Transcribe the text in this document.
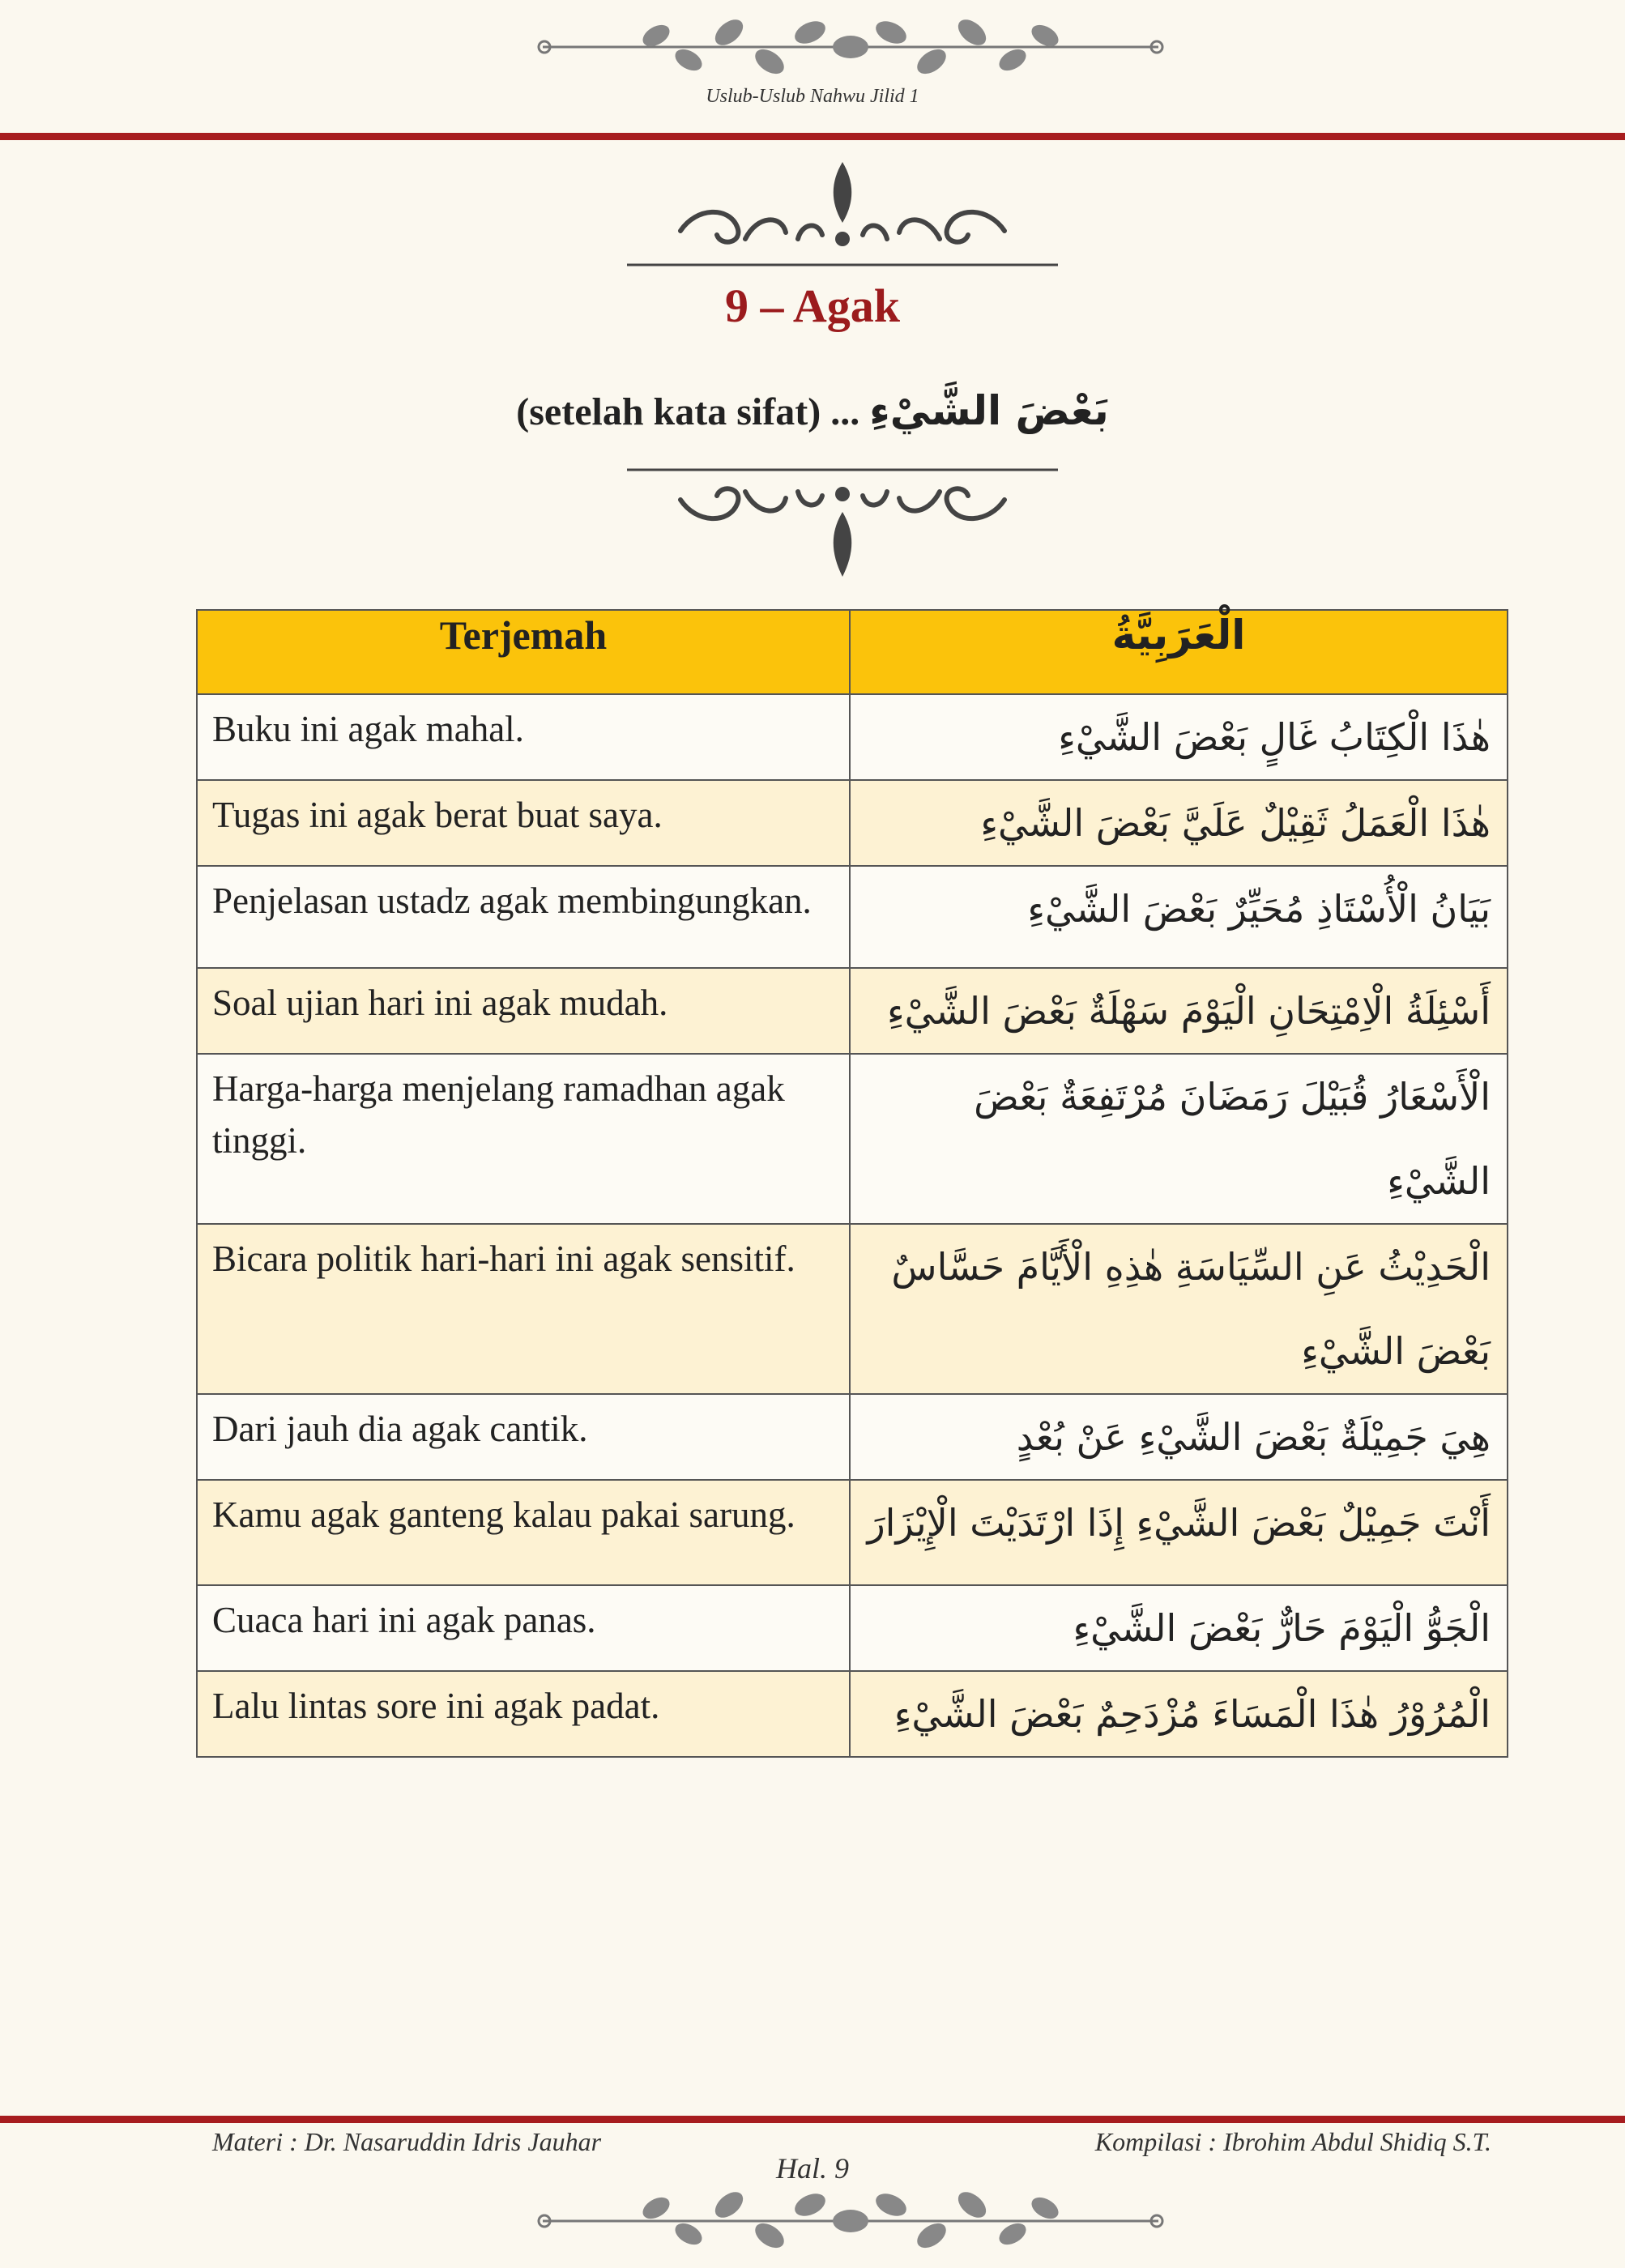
Uslub-Uslub Nahwu Jilid 1
9 – Agak
(setelah kata sifat) ... بَعْضَ الشَّيْءِ
Terjemah	الْعَرَبِيَّةُ
Buku ini agak mahal.	هٰذَا الْكِتَابُ غَالٍ بَعْضَ الشَّيْءِ
Tugas ini agak berat buat saya.	هٰذَا الْعَمَلُ ثَقِيْلٌ عَلَيَّ بَعْضَ الشَّيْءِ
Penjelasan ustadz agak membingungkan.	بَيَانُ الْأُسْتَاذِ مُحَيِّرٌ بَعْضَ الشَّيْءِ
Soal ujian hari ini agak mudah.	أَسْئِلَةُ الْاِمْتِحَانِ الْيَوْمَ سَهْلَةٌ بَعْضَ الشَّيْءِ
Harga-harga menjelang ramadhan agak tinggi.	الْأَسْعَارُ قُبَيْلَ رَمَضَانَ مُرْتَفِعَةٌ بَعْضَ الشَّيْءِ
Bicara politik hari-hari ini agak sensitif.	الْحَدِيْثُ عَنِ السِّيَاسَةِ هٰذِهِ الْأَيَّامَ حَسَّاسٌ بَعْضَ الشَّيْءِ
Dari jauh dia agak cantik.	هِيَ جَمِيْلَةٌ بَعْضَ الشَّيْءِ عَنْ بُعْدٍ
Kamu agak ganteng kalau pakai sarung.	أَنْتَ جَمِيْلٌ بَعْضَ الشَّيْءِ إِذَا ارْتَدَيْتَ الْإِيْزَارَ
Cuaca hari ini agak panas.	الْجَوُّ الْيَوْمَ حَارٌّ بَعْضَ الشَّيْءِ
Lalu lintas sore ini agak padat.	الْمُرُوْرُ هٰذَا الْمَسَاءَ مُزْدَحِمٌ بَعْضَ الشَّيْءِ
Materi : Dr. Nasaruddin Idris Jauhar	Kompilasi : Ibrohim Abdul Shidiq S.T.
Hal. 9
